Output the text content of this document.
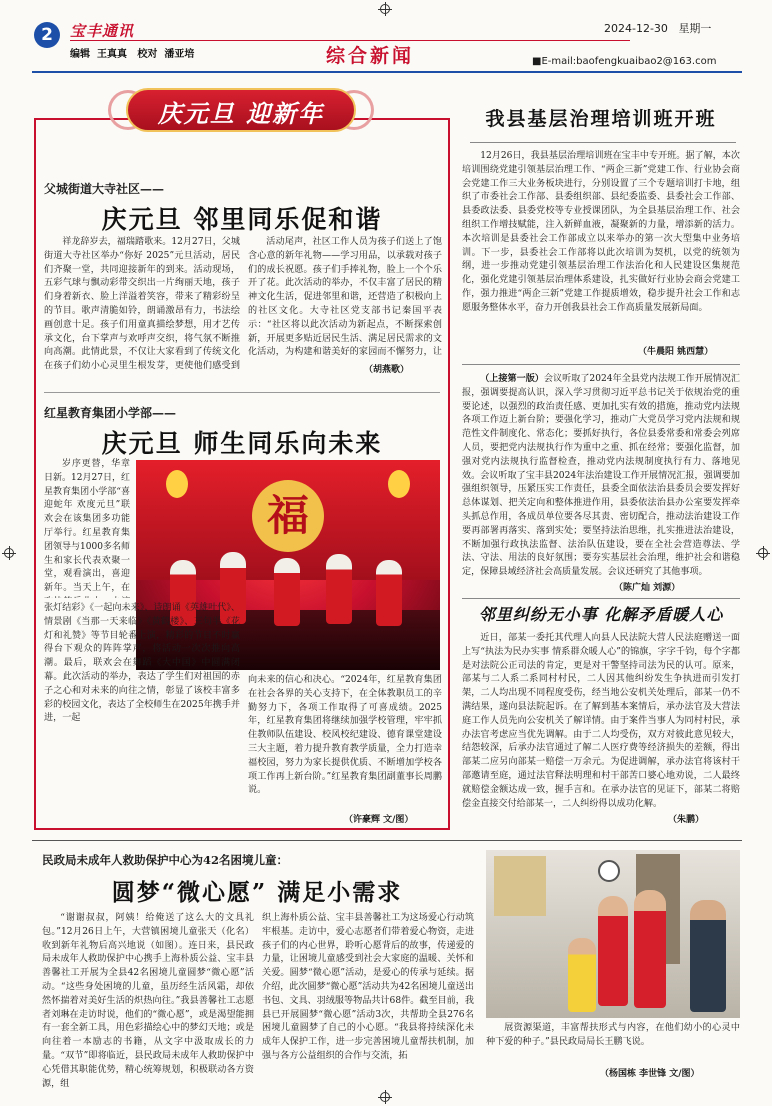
2	宝丰通讯
编辑 王真真 校对 潘亚培	综合新闻
2024-12-30 星期一
■E-mail:baofengkuaibao2@163.com
庆元旦 迎新年
父城街道大寺社区——
庆元旦 邻里同乐促和谐

祥龙辞岁去，福瑞踏歌来。12月27日，父城街道大寺社区举办“你好 2025”元旦活动，居民们齐聚一堂，共同迎接新年的到来。活动现场，五彩气球与飘动彩带交织出一片绚丽天地，孩子们身着新衣、脸上洋溢着笑容，带来了精彩纷呈的节目。歌声清脆如铃，朗诵激昂有力，书法绘画创意十足。孩子们用童真描绘梦想，用才艺传承文化，台下掌声与欢呼声交织，将气氛不断推向高潮。此情此景，不仅让大家看到了传统文化在孩子们幼小心灵里生根发芽，更使他们感受到

活动尾声，社区工作人员为孩子们送上了饱含心意的新年礼物——学习用品，以承载对孩子们的成长祝愿。孩子们手捧礼物，脸上一个个乐开了花。此次活动的举办，不仅丰富了居民的精神文化生活，促进邻里和谐，还营造了积极向上的社区文化。大寺社区党支部书记秦国平表示：“社区将以此次活动为新起点，不断探索创新，开展更多贴近居民生活、满足居民需求的文化活动，为构建和谐美好的家园而不懈努力，让

（胡燕歌）
红星教育集团小学部——
庆元旦 师生同乐向未来

岁序更替，华章日新。12月27日，红星教育集团小学部“喜迎蛇年 欢度元旦”联欢会在该集团多功能厅举行。红星教育集团领导与1000多名师生和家长代表欢聚一堂，观看演出，喜迎新年。当天上午，在

福

张灯结彩》《一起向未来》、诗朗诵《英雄叶代》、情景剧《当那一天来临》《黄鹤楼》、三句半《花灯和礼赞》等节目轮番上演，精彩的节目不时赢得台下观众的阵阵掌声，将活动一次次推向高潮。最后，联欢会在舞蹈《大中国》中圆满闭幕。此次活动的举办，表达了学生们对祖国的赤子之心和对未来的向往之情，彰显了该校丰富多彩的校园文化，表达了全校师生在2025年携手并进，一起

向未来的信心和决心。“2024年，红星教育集团在社会各界的关心支持下，在全体教职员工的辛勤努力下，各项工作取得了可喜成绩。2025年，红星教育集团将继续加强学校管理，牢牢抓住教师队伍建设、校风校纪建设、德育课堂建设三大主题，着力提升教育教学质量，全力打造幸福校园，努力为家长提供优质、不断增加学校各项工作再上新台阶。”红星教育集团副董事长周鹏说。

（许豪辉 文/图）
我县基层治理培训班开班

12月26日，我县基层治理培训班在宝丰中专开班。据了解，本次培训围绕党建引领基层治理工作、“两企三新”党建工作、行业协会商会党建工作三大业务板块进行，分别设置了三个专题培训打卡地，组织了市委社会工作部、县委组织部、县纪委监委、县委社会工作部、县委政法委、县委党校等专业授课团队，为全县基层治理工作、社会组织工作增技赋能，注入新鲜血液，凝聚新的力量，增添新的活力。本次培训是县委社会工作部成立以来举办的第一次大型集中业务培训。下一步，县委社会工作部将以此次培训为契机，以党的统领为纲，进一步推动党建引领基层治理工作法治化和人民建设区集规范化，强化党建引领基层治理体系建设，扎实做好行业协会商会党建工作，强力推进“两企三新”党建工作提质增效，稳步提升社会工作和志愿服务整体水平，奋力开创我县社会工作高质量发展新局面。

（牛晨阳 姚西慧）

（上接第一版）会议听取了2024年全县党内法规工作开展情况汇报，强调要提高认识，深入学习贯彻习近平总书记关于依规治党的重要论述，以强烈的政治责任感、更加扎实有效的措施，推动党内法规各项工作迈上新台阶；要强化学习，推动广大党员学习党内法规和规范性文件制度化、常态化；要抓好执行，各位县委常委和常委会列席人员，要把党内法规执行作为重中之重、抓在经常；要强化监督，加强对党内法规执行监督检查，推动党内法规制度执行有力、落地见效。会议听取了宝丰县2024年法治建设工作开展情况汇报，强调要加强组织领导，压紧压实工作责任，县委全面依法治县委员会要发挥好总体谋划、把关定向和整体推进作用，县委依法治县办公室要发挥牵头抓总作用，各成员单位要各尽其责、密切配合，推动法治建设工作要再部署再落实、落到实处；要坚持法治思维，扎实推进法治建设，不断加强行政执法监督、法治队伍建设，要在全社会营造尊法、学法、守法、用法的良好氛围；要夯实基层社会治理，维护社会和谐稳定，保障县域经济社会高质量发展。会议还研究了其他事项。

（陈广灿 刘源）
邻里纠纷无小事 化解矛盾暖人心

近日，部某一委托其代理人向县人民法院大营人民法庭赠送一面上写“执法为民办实事 情系群众暖人心”的锦旗，字字千钧，每个字都是对法院公正司法的肯定，更是对干警坚持司法为民的认可。原来，部某与二人系二系同村村民，二人因其他纠纷发生争执进而引发打架，二人均出现不同程度受伤，经当地公安机关处理后，部某一仍不满结果，遂向县法院起诉。在了解到基本案情后，承办法官及大营法庭工作人员先向公安机关了解详情。由于案件当事人为同村村民，承办法官考虑应当优先调解。由于二人均受伤，双方对彼此意见较大，结怨较深，后承办法官通过了解二人医疗费等经济损失的差额，得出部某二应另向部某一赔偿一万余元。为促进调解，承办法官将该村干部邀请至庭，通过法官释法明理和村干部苦口婆心地劝说，二人最终就赔偿金额达成一致，握手言和。在承办法官的见证下，部某二将赔偿金直接交付给部某一，二人纠纷得以成功化解。

（朱鹏）
民政局未成年人救助保护中心为42名困境儿童：
圆梦“微心愿” 满足小需求

“谢谢叔叔，阿姨！给俺送了这么大的文具礼包。”12月26日上午，大营镇困境儿童张天（化名）收到新年礼物后高兴地说（如图）。连日来，县民政局未成年人救助保护中心携手上海朴质公益、宝丰县善馨社工开展为全县42名困境儿童圆梦“微心愿”活动。“这些身处困境的儿童，虽历经生活风霜，却依然怀揣着对美好生活的炽热向往。”我县善馨社工志愿者刘琳在走访时说，他们的“微心愿”，或是渴望能拥有一套全新工具，用色彩描绘心中的梦幻天地；或是向往着一本励志的书籍，从文字中汲取成长的力量。“双节”即将临近，县民政局未成年人救助保护中心凭借其职能优势，精心统筹规划，积极联动各方资源，组

织上海朴质公益、宝丰县善馨社工为这场爱心行动筑牢根基。走访中，爱心志愿者们带着爱心物资，走进孩子们的内心世界，聆听心愿背后的故事，传递爱的力量，让困境儿童感受到社会大家庭的温暖、关怀和关爱。圆梦“微心愿”活动，是爱心的传承与延续。据介绍，此次圆梦“微心愿”活动共为42名困境儿童送出书包、文具、羽绒服等物品共计68件。截至目前，我县已开展圆梦“微心愿”活动3次，共帮助全县276名困境儿童圆梦了自己的小心愿。“我县将持续深化未成年人保护工作，进一步完善困境儿童帮扶机制，加强与各方公益组织的合作与交流，拓

展资源渠道，丰富帮扶形式与内容，在他们幼小的心灵中种下爱的种子。”县民政局局长王鹏飞说。

（杨国栋 李世锋 文/图）
